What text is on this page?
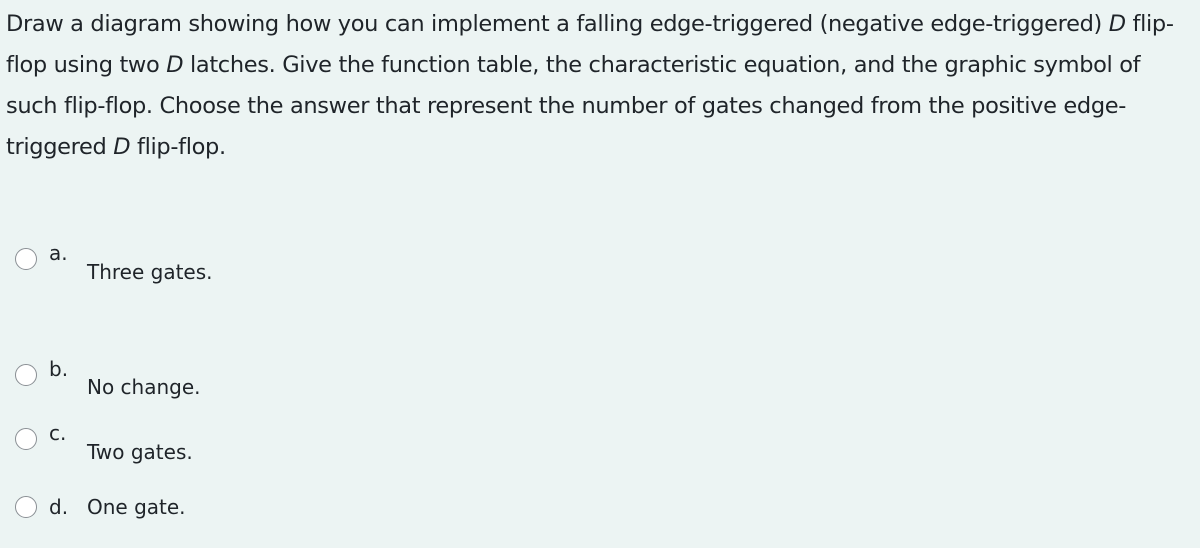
Draw a diagram showing how you can implement a falling edge-triggered (negative edge-triggered) D flip-flop using two D latches. Give the function table, the characteristic equation, and the graphic symbol of such flip-flop. Choose the answer that represent the number of gates changed from the positive edge-triggered D flip-flop.

a.
Three gates.
b.
No change.
c.
Two gates.
d. One gate.
